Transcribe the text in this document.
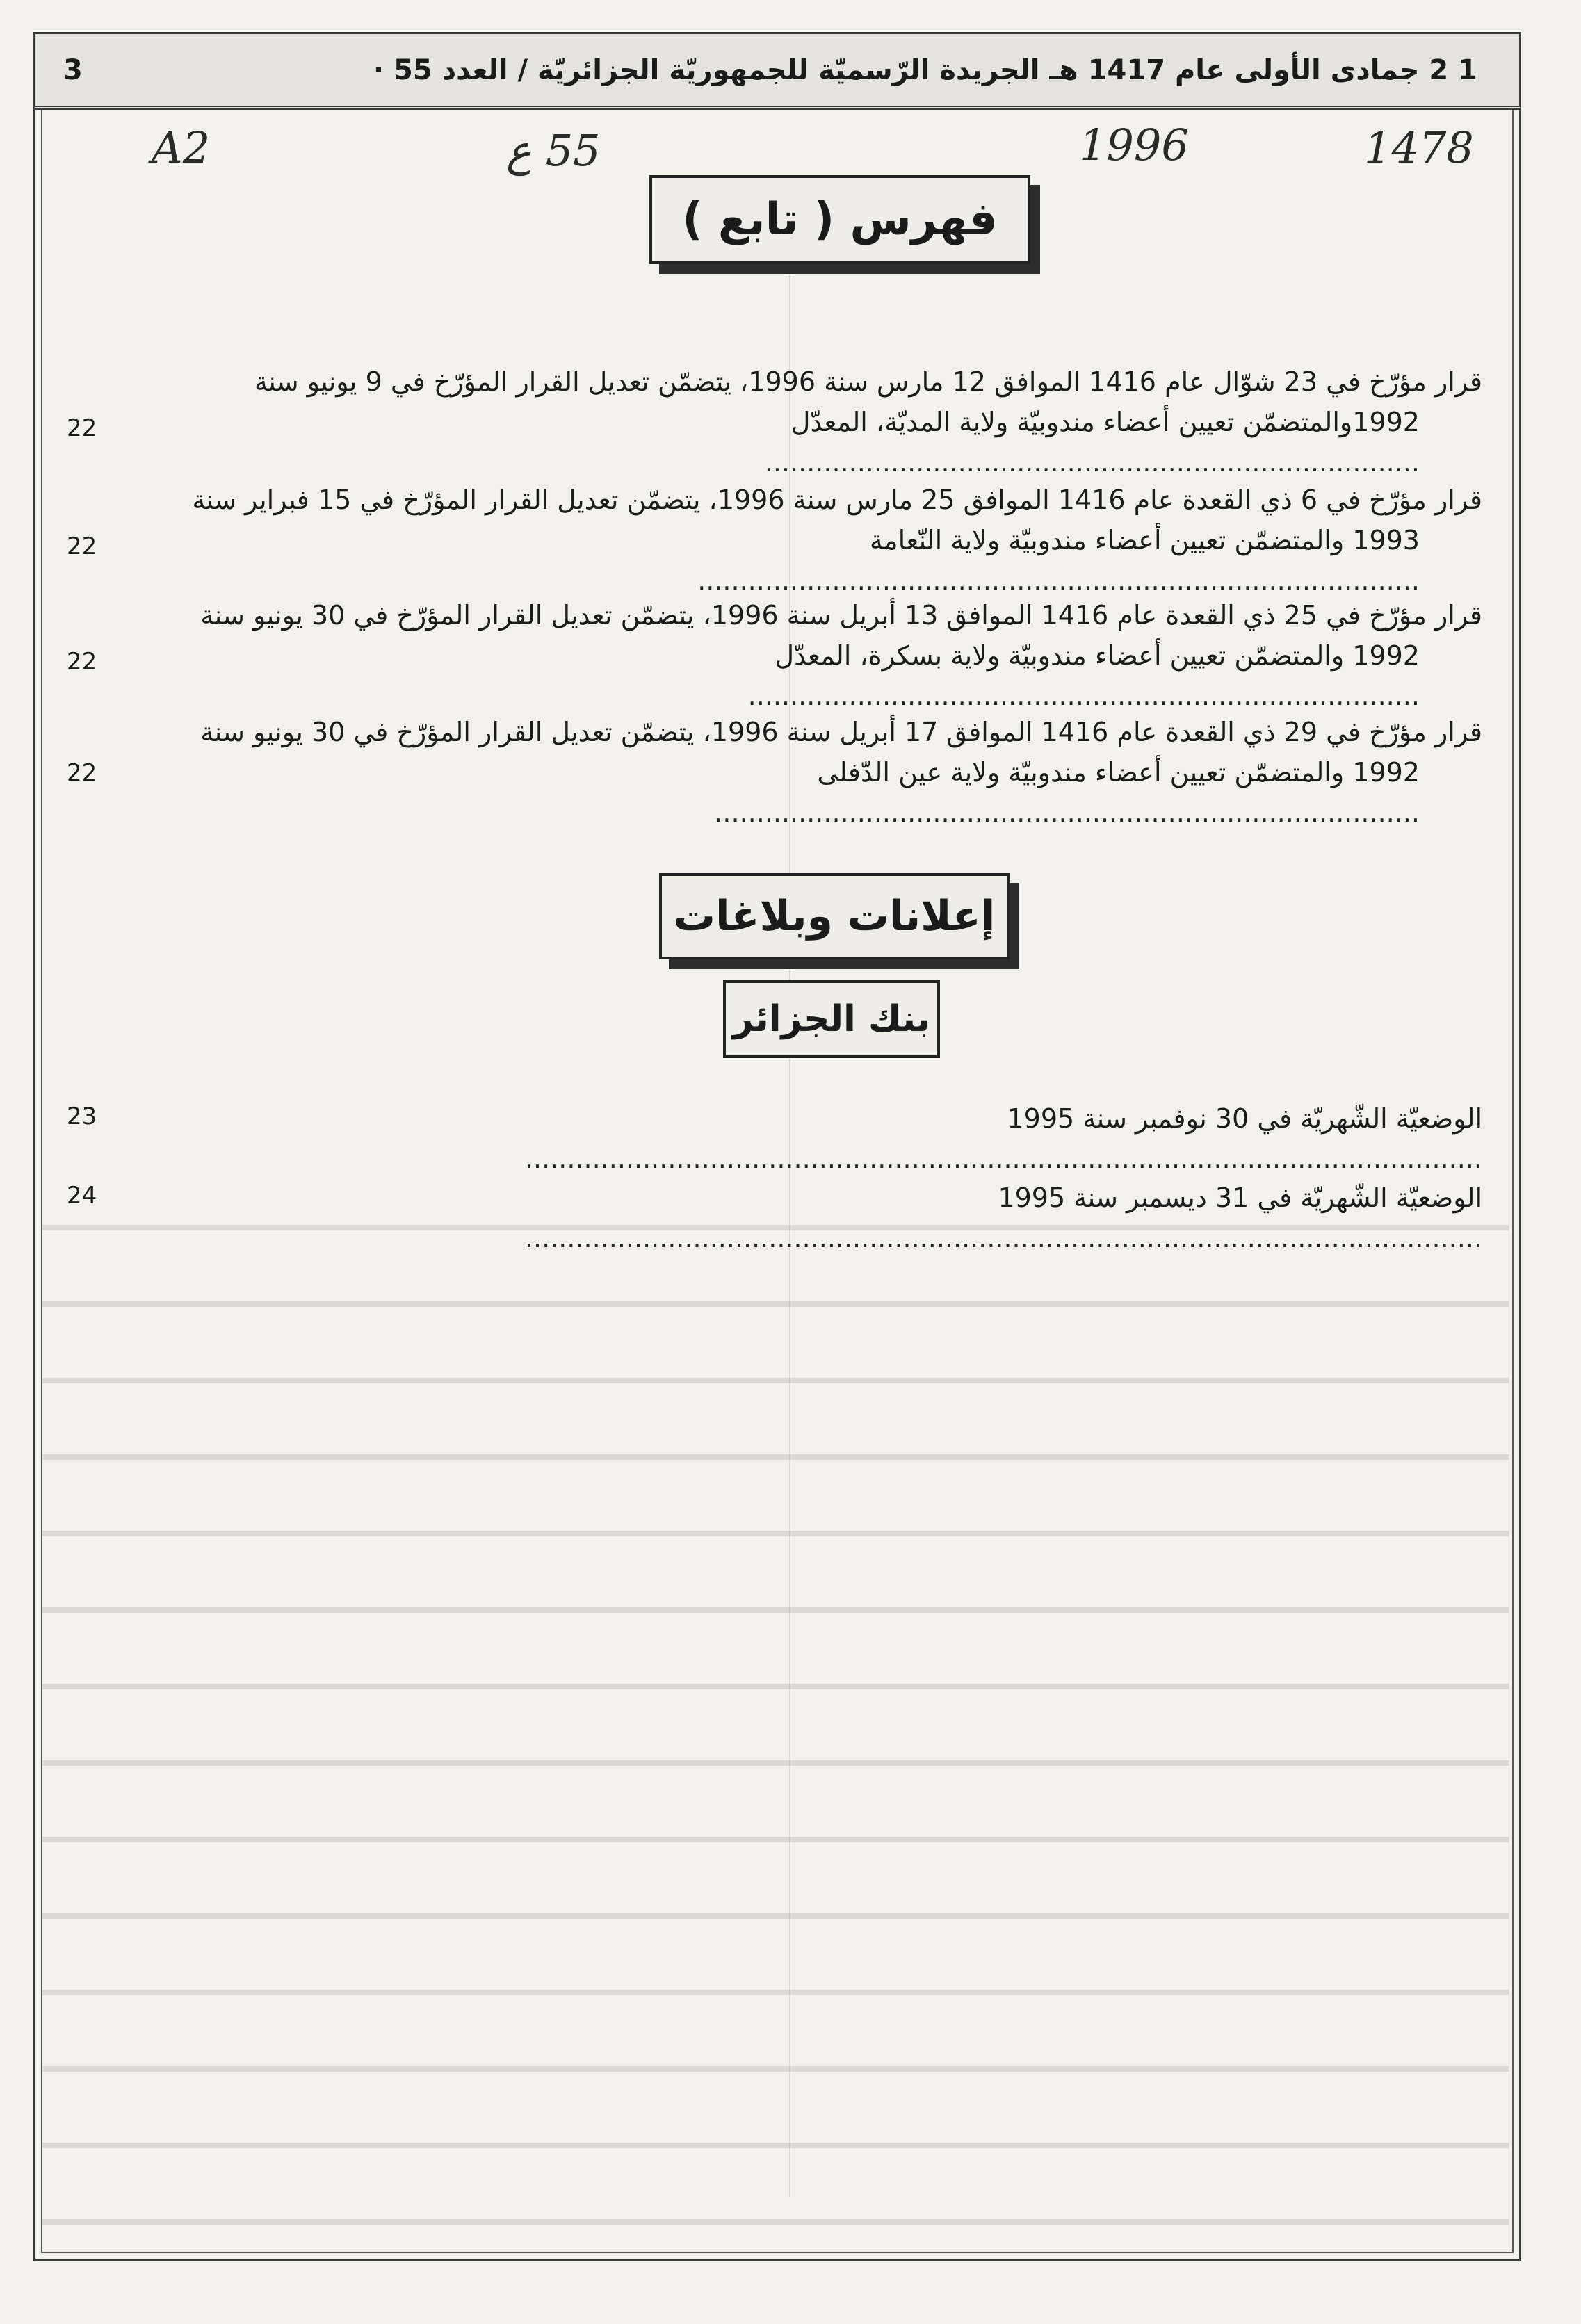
1 2 جمادى الأولى عام 1417 هـ الجريدة الرّسميّة للجمهوريّة الجزائريّة / العدد 55 ·
3
A2	55 ع	1996	1478
فهرس ( تابع )
قرار مؤرّخ في 23 شوّال عام 1416 الموافق 12 مارس سنة 1996، يتضمّن تعديل القرار المؤرّخ في 9 يونيو سنة
1992والمتضمّن تعيين أعضاء مندوبيّة ولاية المديّة، المعدّل ..............................................................................
22
قرار مؤرّخ في 6 ذي القعدة عام 1416 الموافق 25 مارس سنة 1996، يتضمّن تعديل القرار المؤرّخ في 15 فبراير سنة
1993 والمتضمّن تعيين أعضاء مندوبيّة ولاية النّعامة ......................................................................................
22
قرار مؤرّخ في 25 ذي القعدة عام 1416 الموافق 13 أبريل سنة 1996، يتضمّن تعديل القرار المؤرّخ في 30 يونيو سنة
1992 والمتضمّن تعيين أعضاء مندوبيّة ولاية بسكرة، المعدّل ................................................................................
22
قرار مؤرّخ في 29 ذي القعدة عام 1416 الموافق 17 أبريل سنة 1996، يتضمّن تعديل القرار المؤرّخ في 30 يونيو سنة
1992 والمتضمّن تعيين أعضاء مندوبيّة ولاية عين الدّفلى ....................................................................................
22
إعلانات وبلاغات
بنك الجزائر
الوضعيّة الشّهريّة في 30 نوفمبر سنة 1995 ..................................................................................................................
23
الوضعيّة الشّهريّة في 31 ديسمبر سنة 1995 ..................................................................................................................
24
